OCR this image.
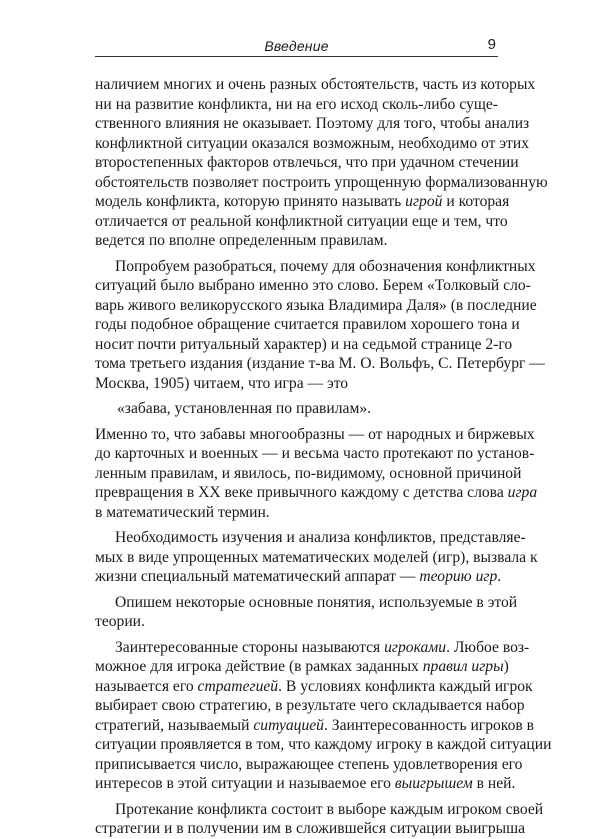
Введение	9
наличием многих и очень разных обстоятельств, часть из которых
ни на развитие конфликта, ни на его исход сколь-либо суще-
ственного влияния не оказывает. Поэтому для того, чтобы анализ
конфликтной ситуации оказался возможным, необходимо от этих
второстепенных факторов отвлечься, что при удачном стечении
обстоятельств позволяет построить упрощенную формализованную
модель конфликта, которую принято называть игрой и которая
отличается от реальной конфликтной ситуации еще и тем, что
ведется по вполне определенным правилам.
Попробуем разобраться, почему для обозначения конфликтных
ситуаций было выбрано именно это слово. Берем «Толковый сло-
варь живого великорусского языка Владимира Даля» (в последние
годы подобное обращение считается правилом хорошего тона и
носит почти ритуальный характер) и на седьмой странице 2-го
тома третьего издания (издание т-ва М. О. Вольфъ, С. Петербург —
Москва, 1905) читаем, что игра — это
«забава, установленная по правилам».
Именно то, что забавы многообразны — от народных и биржевых
до карточных и военных — и весьма часто протекают по установ-
ленным правилам, и явилось, по-видимому, основной причиной
превращения в XX веке привычного каждому с детства слова игра
в математический термин.
Необходимость изучения и анализа конфликтов, представляе-
мых в виде упрощенных математических моделей (игр), вызвала к
жизни специальный математический аппарат — теорию игр.
Опишем некоторые основные понятия, используемые в этой
теории.
Заинтересованные стороны называются игроками. Любое воз-
можное для игрока действие (в рамках заданных правил игры)
называется его стратегией. В условиях конфликта каждый игрок
выбирает свою стратегию, в результате чего складывается набор
стратегий, называемый ситуацией. Заинтересованность игроков в
ситуации проявляется в том, что каждому игроку в каждой ситуации
приписывается число, выражающее степень удовлетворения его
интересов в этой ситуации и называемое его выигрышем в ней.
Протекание конфликта состоит в выборе каждым игроком своей
стратегии и в получении им в сложившейся ситуации выигрыша
